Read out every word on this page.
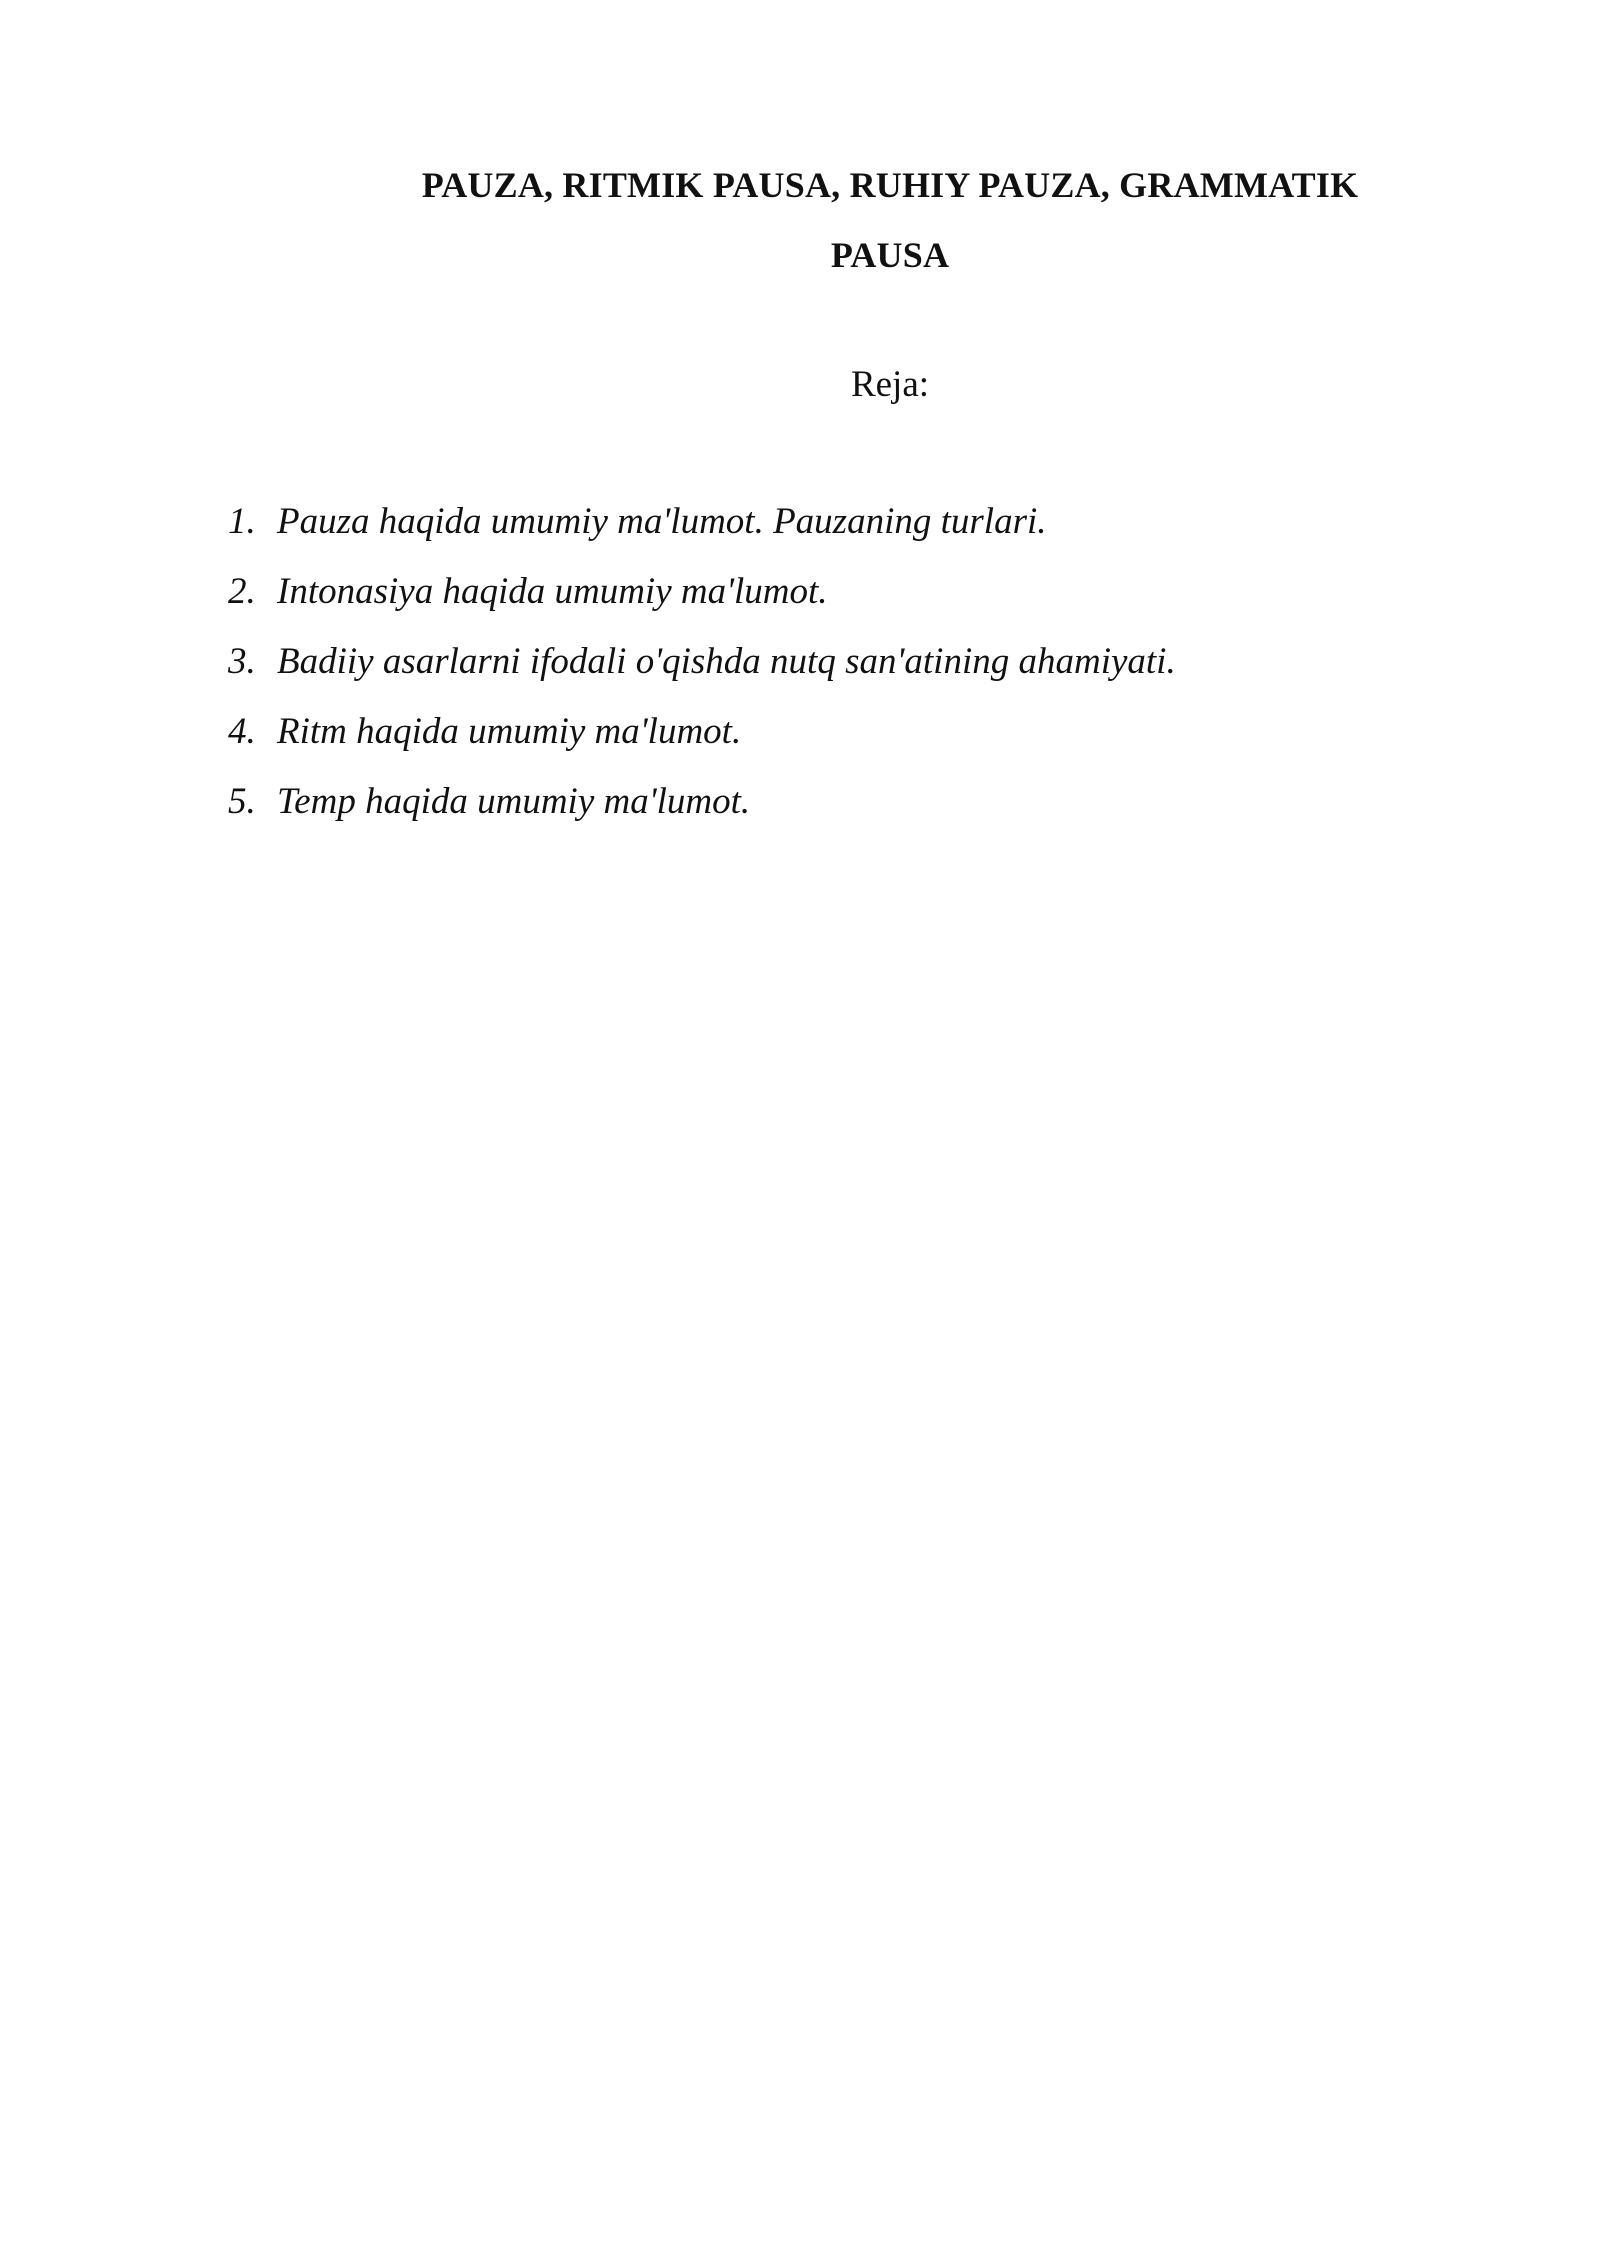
PAUZA, RITMIK PAUSA, RUHIY PAUZA, GRAMMATIK
PAUSA
Reja:
1. Pauza haqida umumiy ma'lumot. Pauzaning turlari.
2. Intonasiya haqida umumiy ma'lumot.
3. Badiiy asarlarni ifodali o'qishda nutq san'atining ahamiyati.
4. Ritm haqida umumiy ma'lumot.
5. Temp haqida umumiy ma'lumot.
